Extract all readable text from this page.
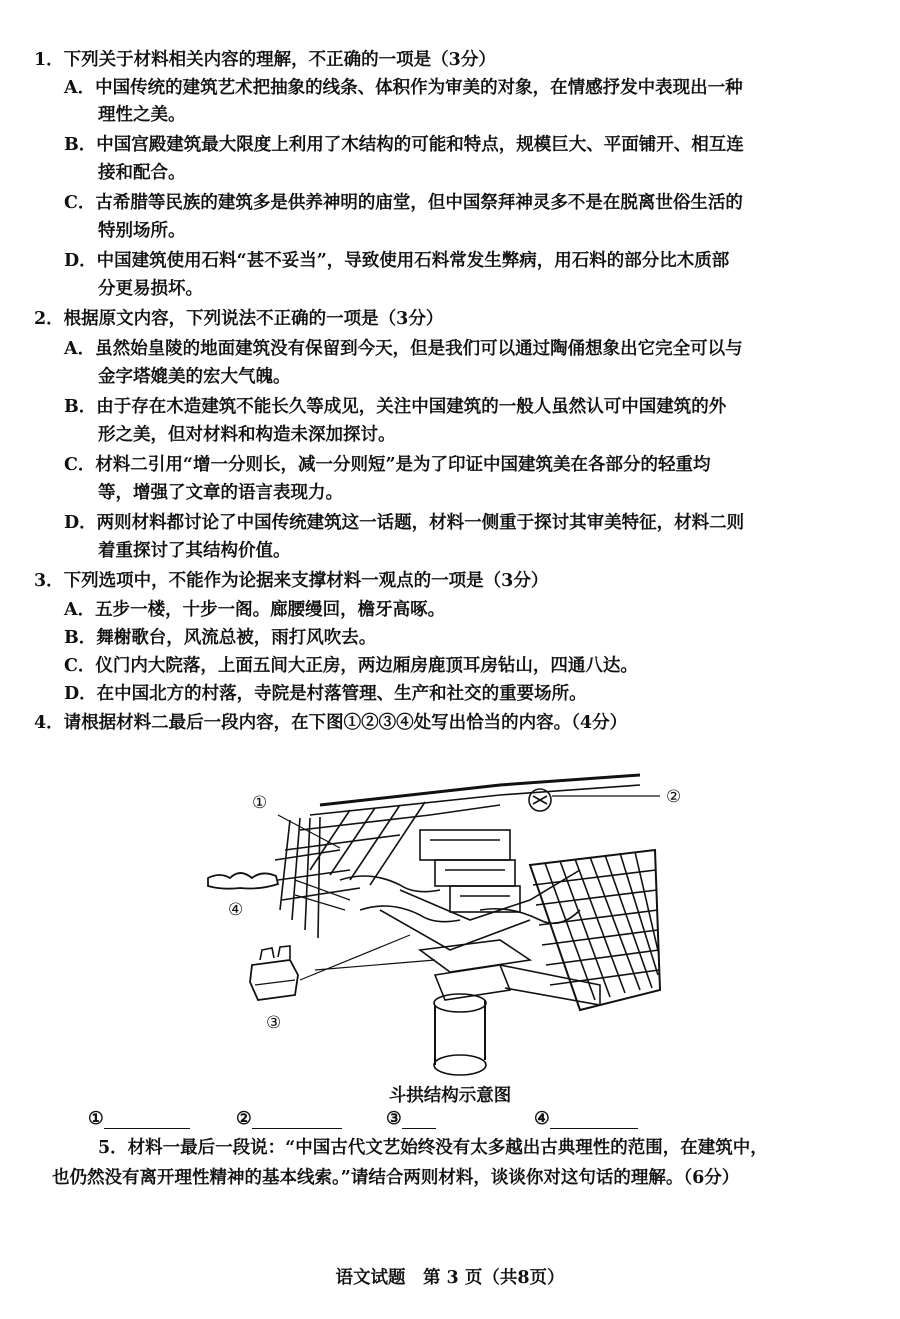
1．下列关于材料相关内容的理解，不正确的一项是（3分）
A．中国传统的建筑艺术把抽象的线条、体积作为审美的对象，在情感抒发中表现出一种
理性之美。
B．中国宫殿建筑最大限度上利用了木结构的可能和特点，规模巨大、平面铺开、相互连
接和配合。
C．古希腊等民族的建筑多是供养神明的庙堂，但中国祭拜神灵多不是在脱离世俗生活的
特别场所。
D．中国建筑使用石料“甚不妥当”，导致使用石料常发生弊病，用石料的部分比木质部
分更易损坏。
2．根据原文内容，下列说法不正确的一项是（3分）
A．虽然始皇陵的地面建筑没有保留到今天，但是我们可以通过陶俑想象出它完全可以与
金字塔媲美的宏大气魄。
B．由于存在木造建筑不能长久等成见，关注中国建筑的一般人虽然认可中国建筑的外
形之美，但对材料和构造未深加探讨。
C．材料二引用“增一分则长，减一分则短”是为了印证中国建筑美在各部分的轻重均
等，增强了文章的语言表现力。
D．两则材料都讨论了中国传统建筑这一话题，材料一侧重于探讨其审美特征，材料二则
着重探讨了其结构价值。
3．下列选项中，不能作为论据来支撑材料一观点的一项是（3分）
A．五步一楼，十步一阁。廊腰缦回，檐牙高啄。
B．舞榭歌台，风流总被，雨打风吹去。
C．仪门内大院落，上面五间大正房，两边厢房鹿顶耳房钻山，四通八达。
D．在中国北方的村落，寺院是村落管理、生产和社交的重要场所。
4．请根据材料二最后一段内容，在下图①②③④处写出恰当的内容。（4分）
①	②
③
④
斗拱结构示意图
①	②	③	④
5．材料一最后一段说：“中国古代文艺始终没有太多越出古典理性的范围，在建筑中，
也仍然没有离开理性精神的基本线索。”请结合两则材料，谈谈你对这句话的理解。（6分）
语文试题　第 3 页（共8页）
